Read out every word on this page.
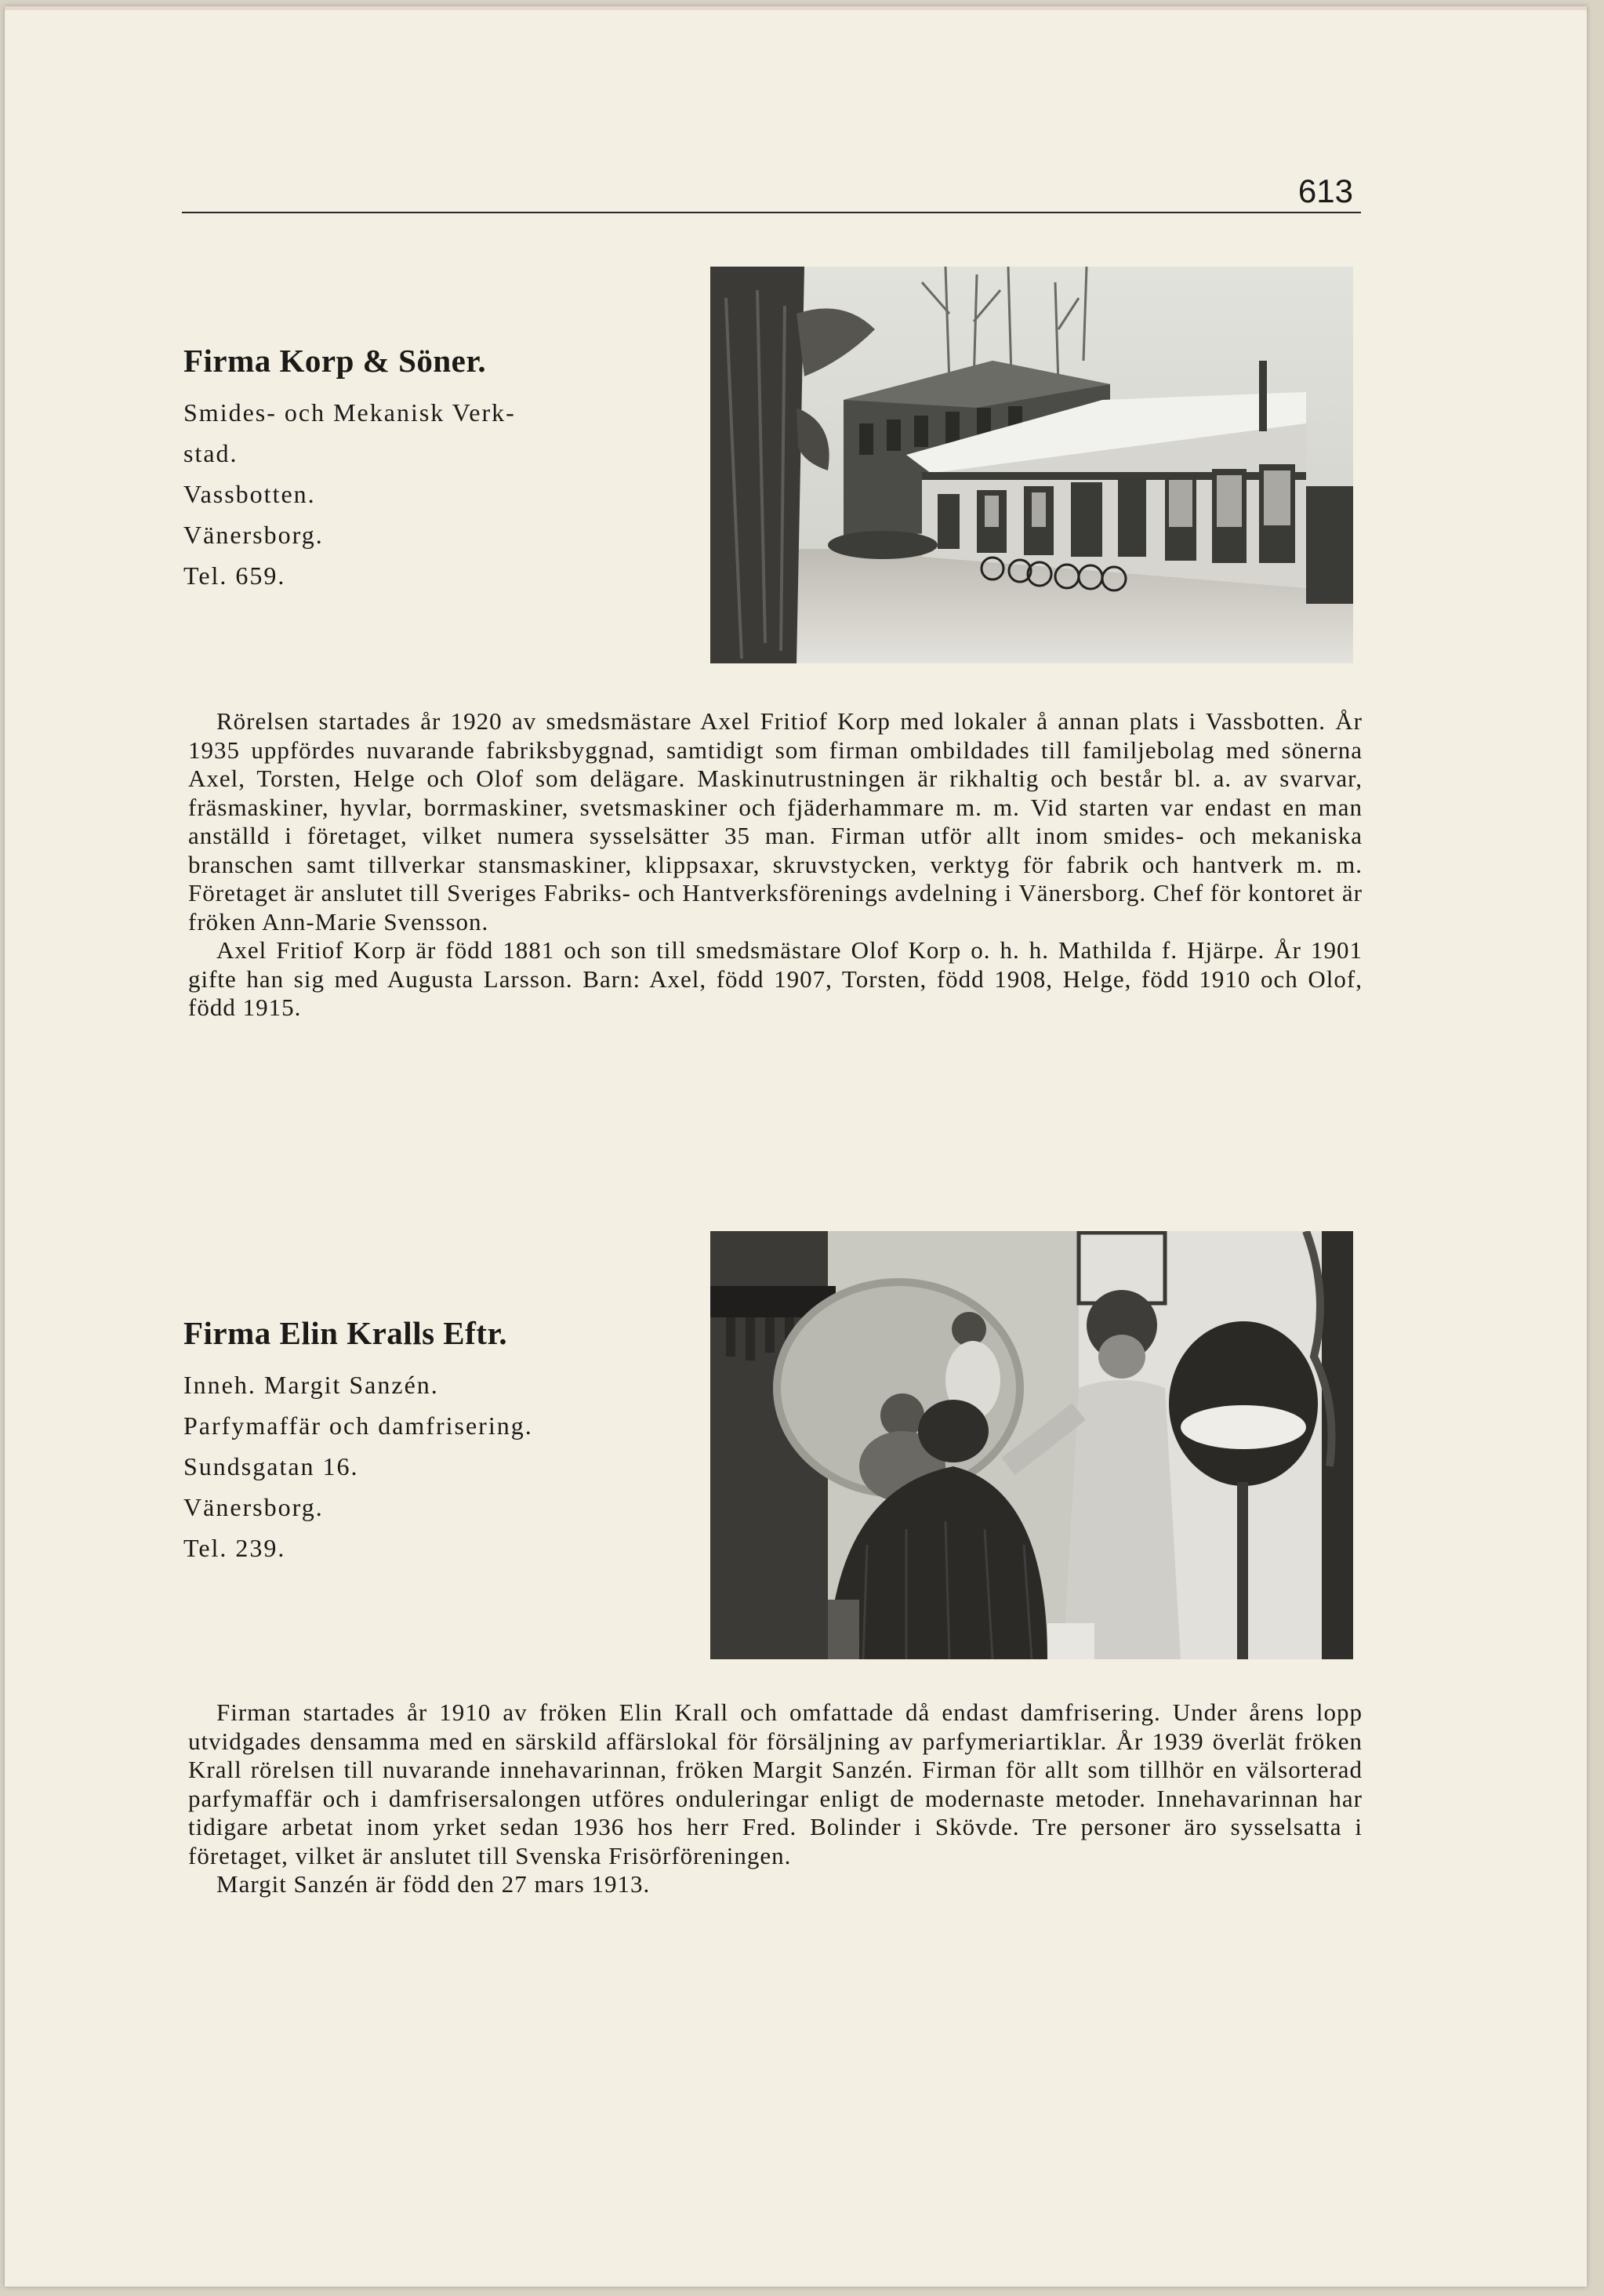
613
Firma Korp & Söner.
Smides- och Mekanisk Verk-
stad.
Vassbotten.
Vänersborg.
Tel. 659.

Rörelsen startades år 1920 av smedsmästare Axel Fritiof Korp med lokaler å annan plats i Vassbotten. År 1935 uppfördes nuvarande fabriksbyggnad, samtidigt som firman ombildades till familjebolag med sönerna Axel, Torsten, Helge och Olof som delägare. Maskinutrustningen är rikhaltig och består bl. a. av svarvar, fräsmaskiner, hyvlar, borrmaskiner, svetsmaskiner och fjäderhammare m. m. Vid starten var endast en man anställd i företaget, vilket numera sysselsätter 35 man. Firman utför allt inom smides- och mekaniska branschen samt tillverkar stansmaskiner, klippsaxar, skruvstycken, verktyg för fabrik och hantverk m. m. Företaget är anslutet till Sveriges Fabriks- och Hantverksförenings avdelning i Vänersborg. Chef för kontoret är fröken Ann-Marie Svensson.

Axel Fritiof Korp är född 1881 och son till smedsmästare Olof Korp o. h. h. Mathilda f. Hjärpe. År 1901 gifte han sig med Augusta Larsson. Barn: Axel, född 1907, Torsten, född 1908, Helge, född 1910 och Olof, född 1915.

Firma Elin Kralls Eftr.
Inneh. Margit Sanzén.
Parfymaffär och damfrisering.
Sundsgatan 16.
Vänersborg.
Tel. 239.

Firman startades år 1910 av fröken Elin Krall och omfattade då endast damfrisering. Under årens lopp utvidgades densamma med en särskild affärslokal för försäljning av parfymeriartiklar. År 1939 överlät fröken Krall rörelsen till nuvarande innehavarinnan, fröken Margit Sanzén. Firman för allt som tillhör en välsorterad parfymaffär och i damfrisersalongen utföres onduleringar enligt de modernaste metoder. Innehavarinnan har tidigare arbetat inom yrket sedan 1936 hos herr Fred. Bolinder i Skövde. Tre personer äro sysselsatta i företaget, vilket är anslutet till Svenska Frisörföreningen.

Margit Sanzén är född den 27 mars 1913.
